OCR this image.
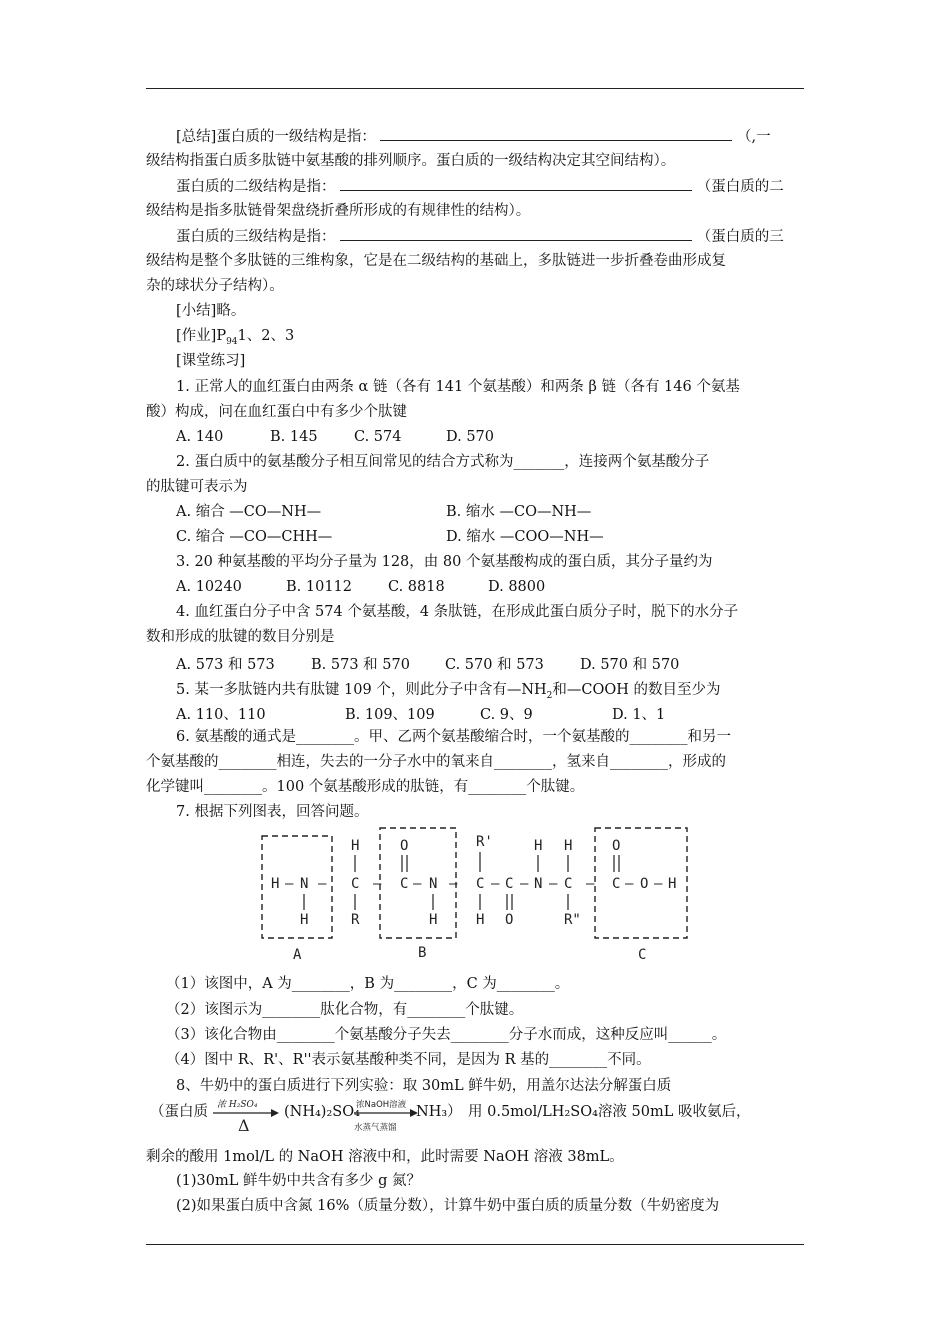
[总结]蛋白质的一级结构是指：	（,一
级结构指蛋白质多肽链中氨基酸的排列顺序。蛋白质的一级结构决定其空间结构）。
蛋白质的二级结构是指：	（蛋白质的二
级结构是指多肽链骨架盘绕折叠所形成的有规律性的结构）。
蛋白质的三级结构是指：	（蛋白质的三
级结构是整个多肽链的三维构象，它是在二级结构的基础上，多肽链进一步折叠卷曲形成复
杂的球状分子结构）。
[小结]略。
[作业]$P_{94}1$、2、3
[课堂练习]
1. 正常人的血红蛋白由两条 α 链（各有 141 个氨基酸）和两条 β 链（各有 146 个氨基
酸）构成，问在血红蛋白中有多少个肽键
A. 140	B. 145	C. 574	D. 570
2. 蛋白质中的氨基酸分子相互间常见的结合方式称为_______，连接两个氨基酸分子
的肽键可表示为
A. 缩合 —CO—NH—	B. 缩水 —CO—NH—
C. 缩合 —CO—CHH—	D. 缩水 —COO—NH—
3. 20 种氨基酸的平均分子量为 128，由 80 个氨基酸构成的蛋白质，其分子量约为
A. 10240	B. 10112 C. 8818	D. 8800
4. 血红蛋白分子中含 574 个氨基酸，4 条肽链，在形成此蛋白质分子时，脱下的水分子
数和形成的肽键的数目分别是
A. 573 和 573 B. 573 和 570 C. 570 和 573 D. 570 和 570
5. 某一多肽链内共有肽键 109 个，则此分子中含有$—NH_2$和—COOH 的数目至少为
A. 110、110	B. 109、109	C. 9、9	D. 1、1
6. 氨基酸的通式是________。甲、乙两个氨基酸缩合时，一个氨基酸的________和另一
个氨基酸的________相连，失去的一分子水中的氧来自________，氢来自________，形成的
化学键叫________。100 个氨基酸形成的肽链，有________个肽键。
7. 根据下列图表，回答问题。
H — N — C — C — N — C — C — N — C — C — O — H
H	O	R'	H H	O
H	R	H	H O	R"
A	B	C
（1）该图中，A 为________，B 为________，C 为________。
（2）该图示为________肽化合物，有________个肽键。
（3）该化合物由________个氨基酸分子失去________分子水而成，这种反应叫______。
（4）图中 R、R'、R''表示氨基酸种类不同，是因为 R 基的________不同。
8、牛奶中的蛋白质进行下列实验：取 30mL 鲜牛奶，用盖尔达法分解蛋白质
（蛋白质 浓 H₂SO₄
Δ
(NH₄)₂SO₄
浓NaOH溶液
水蒸气蒸馏
NH₃） 用 0.5mol/LH₂SO₄溶液 50mL 吸收氨后，
剩余的酸用 1mol/L 的 NaOH 溶液中和，此时需要 NaOH 溶液 38mL。
(1)30mL 鲜牛奶中共含有多少 g 氮？
(2)如果蛋白质中含氮 16%（质量分数），计算牛奶中蛋白质的质量分数（牛奶密度为
